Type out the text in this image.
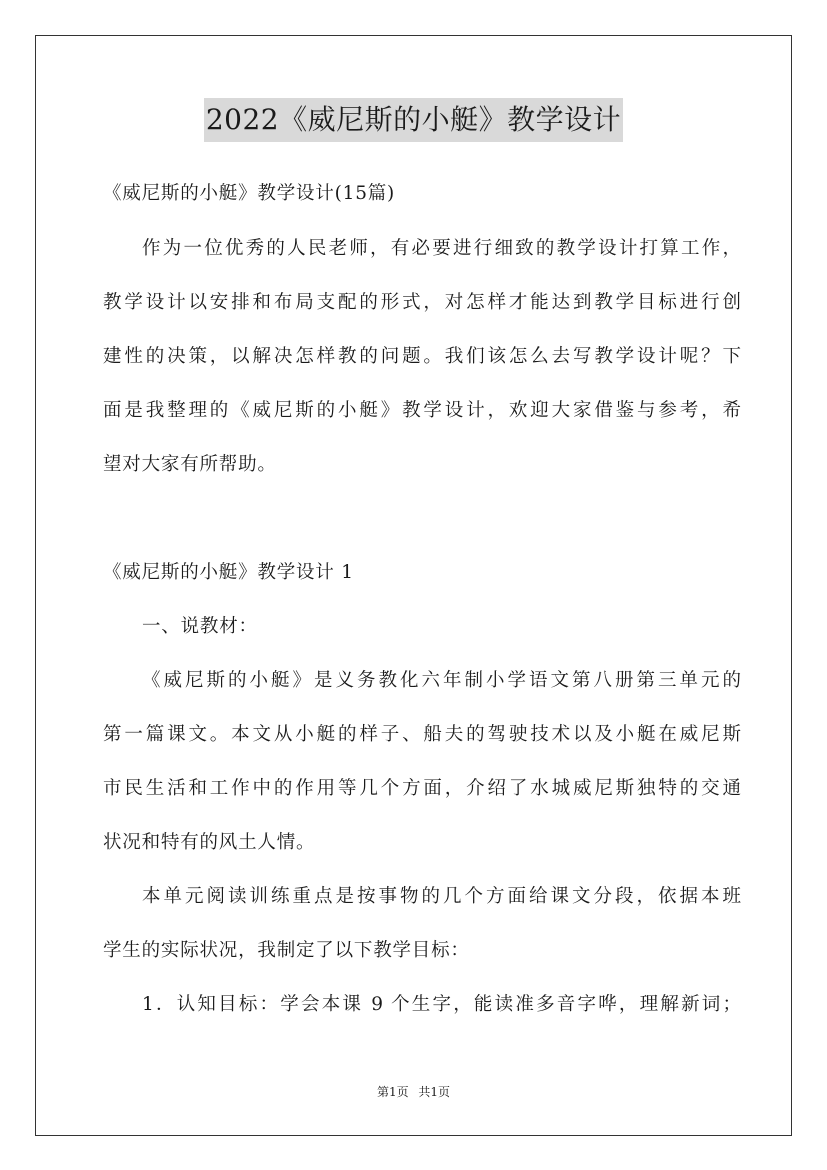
2022《威尼斯的小艇》教学设计
《威尼斯的小艇》教学设计(15篇)
作为一位优秀的人民老师，有必要进行细致的教学设计打算工作，
教学设计以安排和布局支配的形式，对怎样才能达到教学目标进行创
建性的决策，以解决怎样教的问题。我们该怎么去写教学设计呢？下
面是我整理的《威尼斯的小艇》教学设计，欢迎大家借鉴与参考，希
望对大家有所帮助。
《威尼斯的小艇》教学设计 1
一、说教材：
《威尼斯的小艇》是义务教化六年制小学语文第八册第三单元的
第一篇课文。本文从小艇的样子、船夫的驾驶技术以及小艇在威尼斯
市民生活和工作中的作用等几个方面，介绍了水城威尼斯独特的交通
状况和特有的风土人情。
本单元阅读训练重点是按事物的几个方面给课文分段，依据本班
学生的实际状况，我制定了以下教学目标：
1．认知目标：学会本课 9 个生字，能读准多音字哗，理解新词；
第1页 共1页
